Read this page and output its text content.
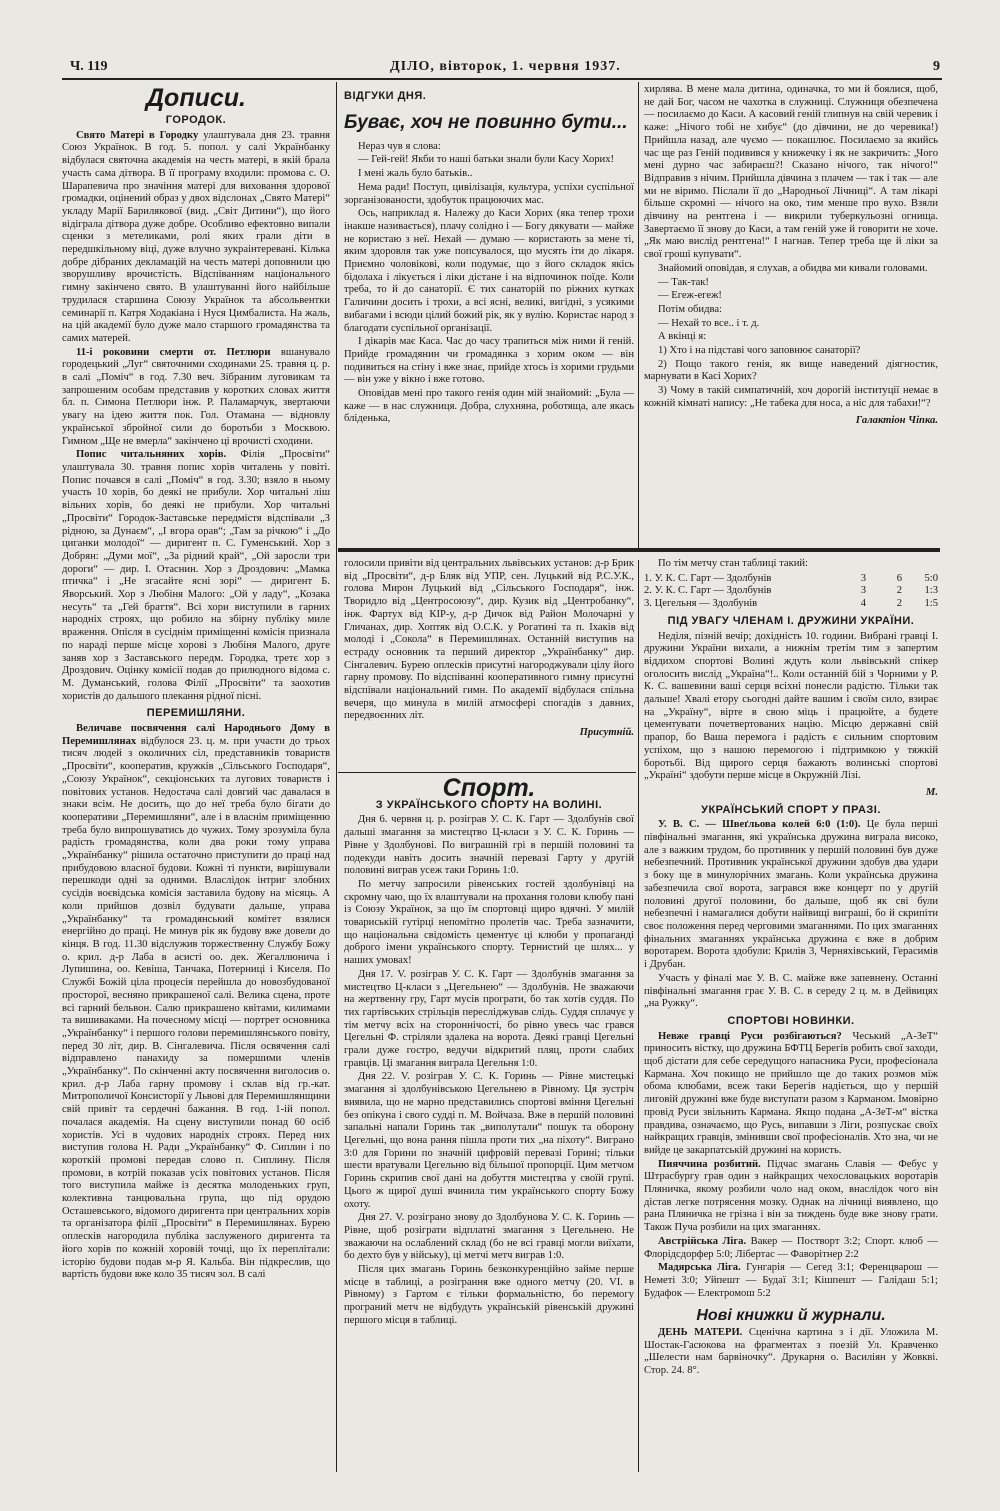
Ч. 119	ДІЛО, вівторок, 1. червня 1937.	9
Дописи.
ГОРОДОК.

Свято Матері в Городку улаштувала дня 23. травня Союз Українок. В год. 5. попол. у салі Українбанку відбулася святочна академія на честь матері, в якій брала участь сама дітвора. В її програму входили: промова с. О. Шарапевича про значіння матері для виховання здорової громадки, оцінений образ у двох відслонах „Свято Матері“ укладу Марії Барилякової (вид. „Світ Дитини“), що його відіграла дітвора дуже добре. Особливо ефектовно випали сценки з метеликами, ролі яких грали діти в передшкільному віці, дуже влучно зукраінтеревані. Кілька добре дібраних декламацій на честь матері доповнили цю зворушливу врочистість. Відспіванням національного гимну закінчено свято. В улаштуванні його найбільше трудилася старшина Союзу Українок та абсольвентки семинарії п. Катря Ходакіана і Нуся Цимбалиста. На жаль, на цій академії було дуже мало старшого громадянства та самих матерей.

11-і роковини смерти от. Петлюри вшанувало городецький „Луг“ святочними сходинами 25. травня ц. р. в салі „Поміч“ в год. 7.30 веч. Зібраним луговикам та запрошеним особам представив у коротких словах життя бл. п. Симона Петлюри інж. Р. Паламарчук, звертаючи увагу на ідею життя пок. Гол. Отамана — відновлу української збройної сили до боротьби з Москвою. Гимном „Ще не вмерла“ закінчено ці врочисті сходини.

Попис читальняних хорів. Філія „Просвіти“ улаштувала 30. травня попис хорів читалень у повіті. Попис почався в салі „Поміч“ в год. 3.30; взяло в ньому участь 10 хорів, бо деякі не прибули. Хор читальні ліш вільних хорів, бо деякі не прибули. Хор читальні „Просвіти“ Городок-Заставське передмістя відспівали „З рідною, за Дунаєм“, „І вгора орав“; „Там за річкою“ і „До циганки молодої“ — диригент п. С. Гуменський. Хор з Добрян: „Думи мої“, „За рідний край“, „Ой заросли три дороги“ — дир. І. Отаснин. Хор з Дроздович: „Мамка птичка“ і „Не згасайте ясні зорі“ — диригент Б. Яворський. Хор з Любіня Малого: „Ой у ладу“, „Козака несуть“ та „Гей браття“. Всі хори виступили в гарних народніх строях, що робило на збірну публіку миле враження. Опісля в сусіднім приміщенні комісія признала по нараді перше місце хорові з Любіня Малого, друге заняв хор з Заставського передм. Городка, третє хор з Дроздович. Оцінку комісії подав до прилюдного відома с. М. Думанський, голова Філії „Просвіти“ та заохотив хористів до дальшого плекання рідної пісні.

ПЕРЕМИШЛЯНИ.

Величаве посвячення салі Народнього Дому в Перемишлянах відбулося 23. ц. м. при участи до трьох тисяч людей з околичних сіл, представників товариств „Просвіти“, кооператив, кружків „Сільського Господаря“, „Союзу Українок“, секціонських та лугових товариств і повітових установ. Недостача салі довгий час давалася в знаки всім. Не досить, що до неї треба було бігати до кооперативи „Перемишляни“, але і в власнім приміщенню треба було випрошуватись до чужих. Тому зрозуміла була радість громадянства, коли два роки тому управа „Українбанку“ рішила остаточно приступити до праці над прибудовою власної будови. Кожні ті пункти, вирішували перешкоди одні за одними. Власлідок інтриг злобних сусідів воєвідська комісія заставила будову на місяць. А коли прийшов дозвіл будувати дальше, управа „Українбанку“ та громадянський комітет взялися енергійно до праці. Не минув рік як будову вже довели до кінця. В год. 11.30 відслужив торжественну Службу Божу о. крил. д-р Лаба в асисті оо. дек. Жегаллюнича і Лупишина, оо. Кевіша, Танчака, Потерниці і Киселя. По Службі Божій ціла процесія перейшла до новозбудованої просторої, весняно прикрашеної салі. Велика сцена, проте всі гарний бельвон. Салю прикрашено квітами, килимами та вишиваками. На почесному місці — портрет основника „Українбанку“ і першого голови перемишлянського повіту, перед 30 літ, дир. В. Сінгалевича. Після освячення салі відправлено панахиду за помершими членів „Українбанку“. По скінченні акту посвячення виголосив о. крил. д-р Лаба гарну промову і склав від гр.-кат. Митрополичої Консисторії у Львові для Перемишлянщини свій привіт та сердечні бажання. В год. 1-ій попол. почалася академія. На сцену виступили понад 60 осіб хористів. Усі в чудових народніх строях. Перед них виступив голова Н. Ради „Українбанку“ Ф. Сиплин і по короткій промові передав слово п. Сиплину. Після промови, в котрій показав усіх повітових установ. Після того виступила майже із десятка молоденьких груп, колективна танцювальна група, що під орудою Осташевського, відомого диригента при центральних хорів та організатора філії „Просвіти“ в Перемишлянах. Бурею оплесків нагородила публіка заслуженого диригента та його хорів по кожній хоровій точці, що їх переплітали: історію будови подав м-р Я. Кальба. Він підкреслив, що вартість будови вже коло 35 тисяч зол. В салі

ВІДГУКИ ДНЯ.
Буває, хоч не повинно бути...

Нераз чув я слова:

— Гей-гей! Якби то наші батьки знали були Касу Хорих!

І мені жаль було батьків..

Нема ради! Поступ, цивілізація, культура, успіхи суспільної зорганізованости, здобуток працюючих мас.

Ось, наприклад я. Належу до Каси Хорих (яка тепер трохи інакше називається), плачу солідно і — Богу дякувати — майже не користаю з неї. Нехай — думаю — користають за мене ті, яким здоровля так уже попсувалося, що мусять іти до лікаря. Приємно чоловікові, коли подумає, що з його складок якісь бідолаха і лікується і ліки дістане і на відпочинок поїде. Коли треба, то й до санаторії. Є тих санаторій по ріжних кутках Галичини досить і трохи, а всі ясні, великі, вигідні, з усякими вибагами і всюди цілий божий рік, як у вулію. Користає народ з благодати суспільної організації.

І дікарів має Каса. Час до часу трапиться між ними й геній. Прийде громадянин чи громадянка з хорим оком — він подивиться на стіну і вже знає, прийде хтось із хорими грудьми — він уже у вікно і вже готово.

Оповідав мені про такого генія один мій знайомий: „Була — каже — в нас служниця. Добра, слухняна, роботяща, але якась бліденька,

хирлява. В мене мала дитина, одиначка, то ми й боялися, щоб, не дай Бог, часом не чахотка в служниці. Служниця обезпечена — посилаємо до Каси. А касовий геній глипнув на свій черевик і каже: „Нічого тобі не хибує“ (до дівчини, не до черевика!) Прийшла назад, але чуємо — покашлює. Посилаємо за якийсь час ще раз Геній подивився у книжечку і як не закричить: „Чого мені дурно час забираєш?! Сказано нічого, так нічого!“ Відправив з нічим. Прийшла дівчина з плачем — так і так — але ми не віримо. Післали її до „Народньої Лічниці“. А там лікарі більше скромні — нічого на око, тим менше про вухо. Взяли дівчину на рентгена і — викрили туберкульозні огнища. Завертаємо її знову до Каси, а там геній уже й говорити не хоче. „Як маю вислід рентгена!“ І нагнав. Тепер треба ще й ліки за свої гроші купувати“.

Знайомий оповідав, я слухав, а обидва ми кивали головами.

— Так-так!

— Егеж-егеж!

Потім обидва:

— Нехай то все.. і т. д.

А вкінці я:

1) Хто і на підставі чого заповнює санаторії?

2) Пощо такого генія, як вище наведений діягностик, марнувати в Касі Хорих?

3) Чому в такій симпатичній, хоч дорогій інституції немає в кожній кімнаті напису: „Не табека для носа, а ніс для табахи!“?

Галактіон Чіпка.

голосили привіти від центральних львівських установ: д-р Брик від „Просвіти“, д-р Бляк від УПР, сен. Луцький від Р.С.У.К., голова Мирон Луцький від „Сільського Господаря“, інж. Творидло від „Центросоюзу“, дир. Кузик від „Центробанку“, інж. Фартух від КІР-у, д-р Дичок від Район Молочарні у Гличанах, дир. Хоптяк від О.С.К. у Рогатині та п. Іхаків від молоді і „Сокола“ в Перемишлянах. Останній виступив на естраду основник та перший директор „Українбанку“ дир. Сінгалевич. Бурею оплесків присутні нагороджували цілу його гарну промову. По відспіванні кооперативного гимну присутні відспівали національний гимн. По академії відбулася спільна вечеря, що минула в милій атмосфері спогадів з давних, передвоєнних літ.

Присутній.
Спорт.
З УКРАЇНСЬКОГО СПОРТУ НА ВОЛИНІ.

Дня 6. червня ц. р. розіграв У. С. К. Гарт — Здолбунів свої дальші змагання за мистецтво Ц-класи з У. С. К. Горинь — Рівне у Здолбунові. По виграшній грі в першій половині та подекуди навіть досить значній перевазі Гарту у другій половині виграв усеж таки Горинь 1:0.

По метчу запросили рівенських гостей здолбунівці на скромну чаю, що їх влаштували на прохання голови клюбу пані із Союзу Українок, за що їм спортовці щиро вдячні. У милій товариській гутірці непомітно пролетів час. Треба зазначити, що національна свідомість цементує ці клюби у пропаганді доброго імени українського спорту. Тернистий це шлях... у наших умовах!

Дня 17. V. розіграв У. С. К. Гарт — Здолбунів змагання за мистецтво Ц-класи з „Цегельнею“ — Здолбунів. Не зважаючи на жертвенну гру, Гарт мусів програти, бо так хотів суддя. По тих гартівських стрільців пересліджував слідь. Суддя сплачує у тім метчу всіх на стороннічості, бо рівно увесь час грався Цегельні Ф. стріляли здалека на ворота. Деякі гравці Цегельні грали дуже гостро, ведучи відкритий пляц, проти слабих гравців. Ці змагання виграла Цегельня 1:0.

Дня 22. V. розіграв У. С. К. Горинь — Рівне мистецькі змагання зі здолбунівською Цегельнею в Рівному. Ця зустріч виявила, що не марно представились спортові вміння Цегельні без опікуна і свого судді п. М. Войчаза. Вже в першій половині запальні напали Горинь так „виполутали“ пошук та оборону Цегельні, що вона рання пішла проти тих „на піхоту“. Виграно 3:0 для Горини по значній цифровій перевазі Горині; тільки шести вратували Цегельню від більшої пропорції. Цим метчом Горинь скрипив свої дані на добуття мистецтва у своїй групі. Цього ж щирої душі вчинила тим українського спорту Божу охоту.

Дня 27. V. розіграно знову до Здолбунова У. С. К. Горинь — Рівне, щоб розіграти відплатні змагання з Цегельнею. Не зважаючи на ослаблений склад (бо не всі гравці могли виїхати, бо дехто був у війську), ці метчі метч виграв 1:0.

Після цих змагань Горинь безконкуренційно займе перше місце в таблиці, а розіграння вже одного метчу (20. VI. в Рівному) з Гартом є тільки формальністю, бо перемогу програний метч не відбудуть українській рівенській дружині першого місця в таблиці.

По тім метчу стан таблиці такий:

1. У. К. С. Гарт — Здолбунів	3	6	5:0
2. У. К. С. Гарт — Здолбунів	3	2	1:3
3. Цегельня — Здолбунів	4	2	1:5
ПІД УВАГУ ЧЛЕНАМ І. ДРУЖИНИ УКРАЇНИ.

Неділя, пізній вечір; дохідність 10. години. Вибрані гравці І. дружини України вихали, а нижнім третім тим з запертим віддихом спортові Волині ждуть коли львівський спікер оголосить вислід „Україна“!.. Коли останній бій з Чорними у Р. К. С. вашевини ваші серця всіхні понесли радістю. Тільки так дальше! Хвалі етору сьогодні дайте вашим і своїм сило, взирає на „Україну“, вірте в свою міць і працюйте, а будете цементувати почетвертованих націю. Місцю державні свій прапор, бо Ваша перемога і радість є сильним спортовим успіхом, що з нашою перемогою і підтримкою у тяжкій боротьбі. Від щирого серця бажають волинські спортові „Україні“ здобути перше місце в Окружній Лізі.

М.
УКРАЇНСЬКИЙ СПОРТ У ПРАЗІ.

У. В. С. — Швеґльова колей 6:0 (1:0). Це була перші півфінальні змагання, які українська дружина виграла високо, але з важким трудом, бо противник у першій половині був дуже небезпечний. Противник української дружини здобув два удари з боку ще в минулорічних змагань. Коли українська дружина забезпечила свої ворота, загрався вже концерт по у другій половині другої половини, бо дальше, щоб як сві були небезпечні і намагалися добути найвищі виграші, бо й скрипіти своє положення перед черговими змаганнями. По цих змаганнях фінальних змаганнях українська дружина є вже в добрим воротарем. Ворота здобули: Крилів 3, Черняхівський, Герасимів і Друбан.

Участь у фіналі має У. В. С. майже вже запевнену. Останні півфінальні змагання грає У. В. С. в середу 2 ц. м. в Дейвицях „на Ружку“.

СПОРТОВІ НОВИНКИ.

Невже гравці Руси розбігаються? Чеський „А-ЗеТ“ приносить вістку, що дружина БФТЦ Берегів робить свої заходи, щоб дістати для себе середущого напасника Руси, професіонала Кармана. Хоч покищо не прийшло ще до таких розмов між обома клюбами, всеж таки Берегів надіється, що у першій лиговій дружині вже буде виступати разом з Карманом. Імовірно провід Руси звільнить Кармана. Якщо подана „А-ЗеТ-м“ вістка правдива, означаємо, що Русь, випавши з Ліги, розпускає своїх найкращих гравців, змінивши свої професіоналів. Хто зна, чи не вийде це закарпатській дружині на користь.

Пияччина розбитий. Підчас змагань Славія — Фебус у Штрасбургу грав один з найкращих чехословацьких воротарів Пляничка, якому розбили чоло над оком, внаслідок чого він дістав легке потрясення мозку. Однак на лічниці виявлено, що рана Пляничка не грізна і він за тиждень буде вже знову грати. Також Пуча розбили на цих змаганнях.

Австрійська Ліга. Вакер — Постворт 3:2; Спорт. клюб — Флорідсдорфер 5:0; Лібертас — Фаворітнер 2:2

Мадярська Ліга. Гунгарія — Сегед 3:1; Ференцварош — Неметі 3:0; Уйпешт — Будаї 3:1; Кішпешт — Галідаш 5:1; Будафок — Електромош 5:2

Нові книжки й журнали.

ДЕНЬ МАТЕРИ. Сценічна картина з і дії. Уложила М. Шостак-Гасюкова на фрагментах з поезій Ул. Кравченко „Шелести нам барвіночку“. Друкарня о. Василіян у Жовкві. Стор. 24. 8°.
